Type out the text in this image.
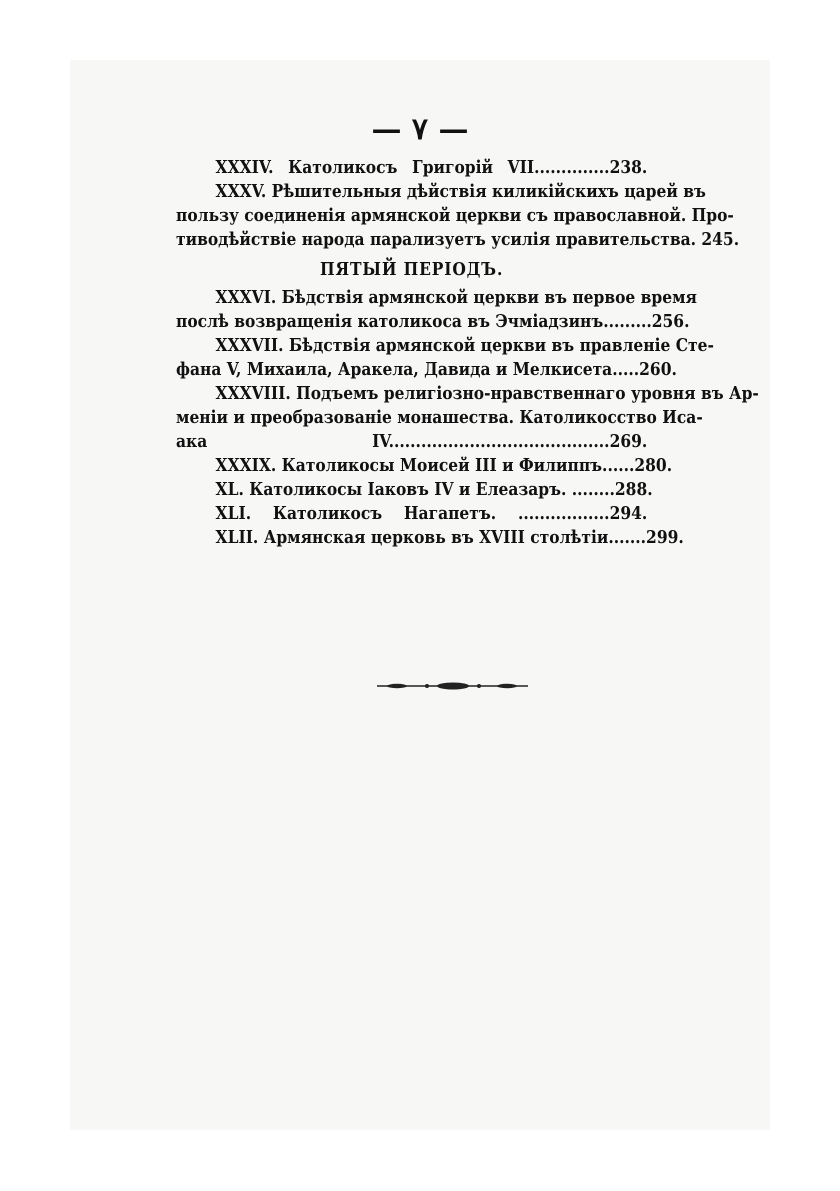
— ۷ —
XXXIV. Католикосъ Григорій VII..............238.
XXXV. Рѣшительныя дѣйствія киликійскихъ царей въ
пользу соединенія армянской церкви съ православной. Про-
тиводѣйствіе народа парализуетъ усилія правительства. 245.
ПЯТЫЙ ПЕРІОДЪ.
XXXVI. Бѣдствія армянской церкви въ первое время
послѣ возвращенія католикоса въ Эчміадзинъ.........256.
XXXVII. Бѣдствія армянской церкви въ правленіе Сте-
фана V, Михаила, Аракела, Давида и Мелкисета.....260.
XXXVIII. Подъемъ религіозно-нравственнаго уровня въ Ар-
меніи и преобразованіе монашества. Католикосство Иса-
ака IV.........................................269.
XXXIX. Католикосы Моисей III и Филиппъ......280.
XL. Католикосы Іаковъ IV и Елеазаръ. ........288.
XLI. Католикосъ Нагапетъ. .................294.
XLII. Армянская церковь въ XVIII столѣтіи.......299.
